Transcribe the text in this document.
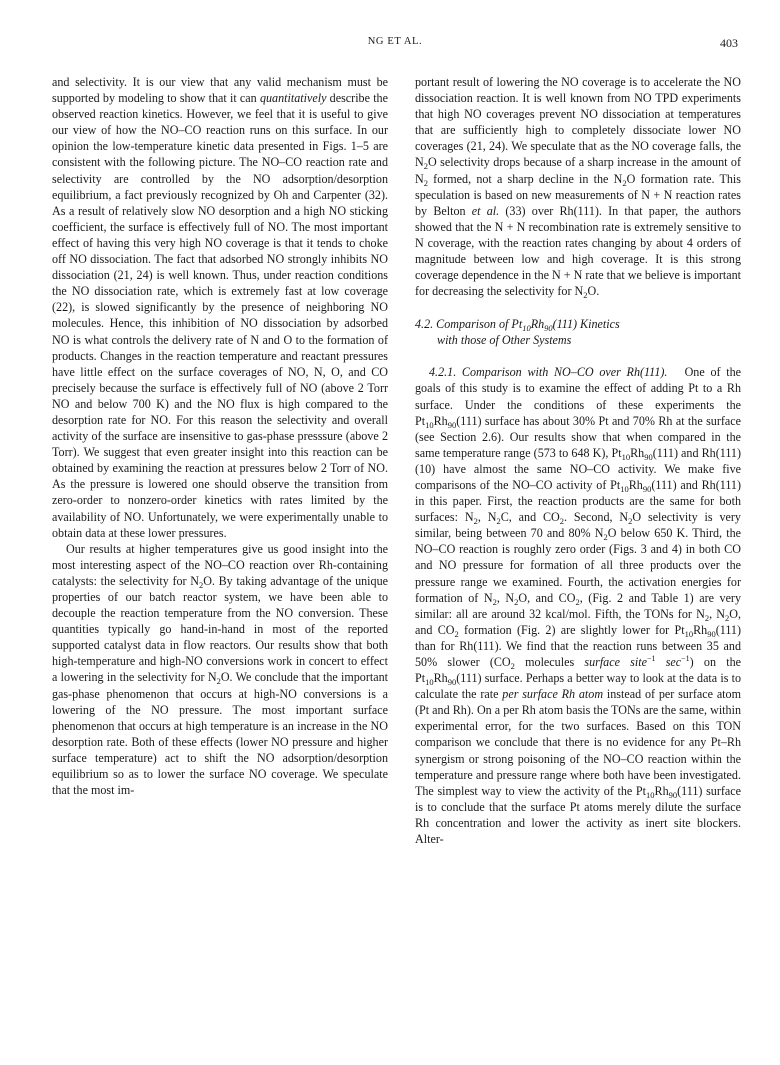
NG ET AL.	403

and selectivity. It is our view that any valid mechanism must be supported by modeling to show that it can quantitatively describe the observed reaction kinetics. However, we feel that it is useful to give our view of how the NO–CO reaction runs on this surface. In our opinion the low-temperature kinetic data presented in Figs. 1–5 are consistent with the following picture. The NO–CO reaction rate and selectivity are controlled by the NO adsorption/desorption equilibrium, a fact previously recognized by Oh and Carpenter (32). As a result of relatively slow NO desorption and a high NO sticking coefficient, the surface is effectively full of NO. The most important effect of having this very high NO coverage is that it tends to choke off NO dissociation. The fact that adsorbed NO strongly inhibits NO dissociation (21, 24) is well known. Thus, under reaction conditions the NO dissociation rate, which is extremely fast at low coverage (22), is slowed significantly by the presence of neighboring NO molecules. Hence, this inhibition of NO dissociation by adsorbed NO is what controls the delivery rate of N and O to the formation of products. Changes in the reaction temperature and reactant pressures have little effect on the surface coverages of NO, N, O, and CO precisely because the surface is effectively full of NO (above 2 Torr NO and below 700 K) and the NO flux is high compared to the desorption rate for NO. For this reason the selectivity and overall activity of the surface are insensitive to gas-phase presssure (above 2 Torr). We suggest that even greater insight into this reaction can be obtained by examining the reaction at pressures below 2 Torr of NO. As the pressure is lowered one should observe the transition from zero-order to nonzero-order kinetics with rates limited by the availability of NO. Unfortunately, we were experimentally unable to obtain data at these lower pressures.

Our results at higher temperatures give us good insight into the most interesting aspect of the NO–CO reaction over Rh-containing catalysts: the selectivity for $N_2O$. By taking advantage of the unique properties of our batch reactor system, we have been able to decouple the reaction temperature from the NO conversion. These quantities typically go hand-in-hand in most of the reported supported catalyst data in flow reactors. Our results show that both high-temperature and high-NO conversions work in concert to effect a lowering in the selectivity for $N_2O$. We conclude that the important gas-phase phenomenon that occurs at high-NO conversions is a lowering of the NO pressure. The most important surface phenomenon that occurs at high temperature is an increase in the NO desorption rate. Both of these effects (lower NO pressure and higher surface temperature) act to shift the NO adsorption/desorption equilibrium so as to lower the surface NO coverage. We speculate that the most im-

portant result of lowering the NO coverage is to accelerate the NO dissociation reaction. It is well known from NO TPD experiments that high NO coverages prevent NO dissociation at temperatures that are sufficiently high to completely dissociate lower NO coverages (21, 24). We speculate that as the NO coverage falls, the $N_2O$ selectivity drops because of a sharp increase in the amount of $N_2$ formed, not a sharp decline in the $N_2O$ formation rate. This speculation is based on new measurements of N + N reaction rates by Belton et al. (33) over Rh(111). In that paper, the authors showed that the N + N recombination rate is extremely sensitive to N coverage, with the reaction rates changing by about 4 orders of magnitude between low and high coverage. It is this strong coverage dependence in the N + N rate that we believe is important for decreasing the selectivity for $N_2O$.

4.2. Comparison of $Pt_{10}Rh_{90}(111)$ Kinetics
with those of Other Systems

4.2.1. Comparison with NO–CO over Rh(111). One of the goals of this study is to examine the effect of adding Pt to a Rh surface. Under the conditions of these experiments the $Pt_{10}Rh_{90}(111)$ surface has about 30% Pt and 70% Rh at the surface (see Section 2.6). Our results show that when compared in the same temperature range (573 to 648 K), $Pt_{10}Rh_{90}(111)$ and Rh(111) (10) have almost the same NO–CO activity. We make five comparisons of the NO–CO activity of $Pt_{10}Rh_{90}(111)$ and Rh(111) in this paper. First, the reaction products are the same for both surfaces: $N_2$, $N_2C$, and $CO_2$. Second, $N_2O$ selectivity is very similar, being between 70 and 80% $N_2O$ below 650 K. Third, the NO–CO reaction is roughly zero order (Figs. 3 and 4) in both CO and NO pressure for formation of all three products over the pressure range we examined. Fourth, the activation energies for formation of $N_2$, $N_2O$, and $CO_2$, (Fig. 2 and Table 1) are very similar: all are around 32 kcal/mol. Fifth, the TONs for $N_2$, $N_2O$, and $CO_2$ formation (Fig. 2) are slightly lower for $Pt_{10}Rh_{90}(111)$ than for Rh(111). We find that the reaction runs between 35 and 50% slower ($CO_2$ molecules surface site$^{-1}$ $\sec^{-1}$) on the $Pt_{10}Rh_{90}(111)$ surface. Perhaps a better way to look at the data is to calculate the rate per surface Rh atom instead of per surface atom (Pt and Rh). On a per Rh atom basis the TONs are the same, within experimental error, for the two surfaces. Based on this TON comparison we conclude that there is no evidence for any Pt–Rh synergism or strong poisoning of the NO–CO reaction within the temperature and pressure range where both have been investigated. The simplest way to view the activity of the $Pt_{10}Rh_{90}(111)$ surface is to conclude that the surface Pt atoms merely dilute the surface Rh concentration and lower the activity as inert site blockers. Alter-
